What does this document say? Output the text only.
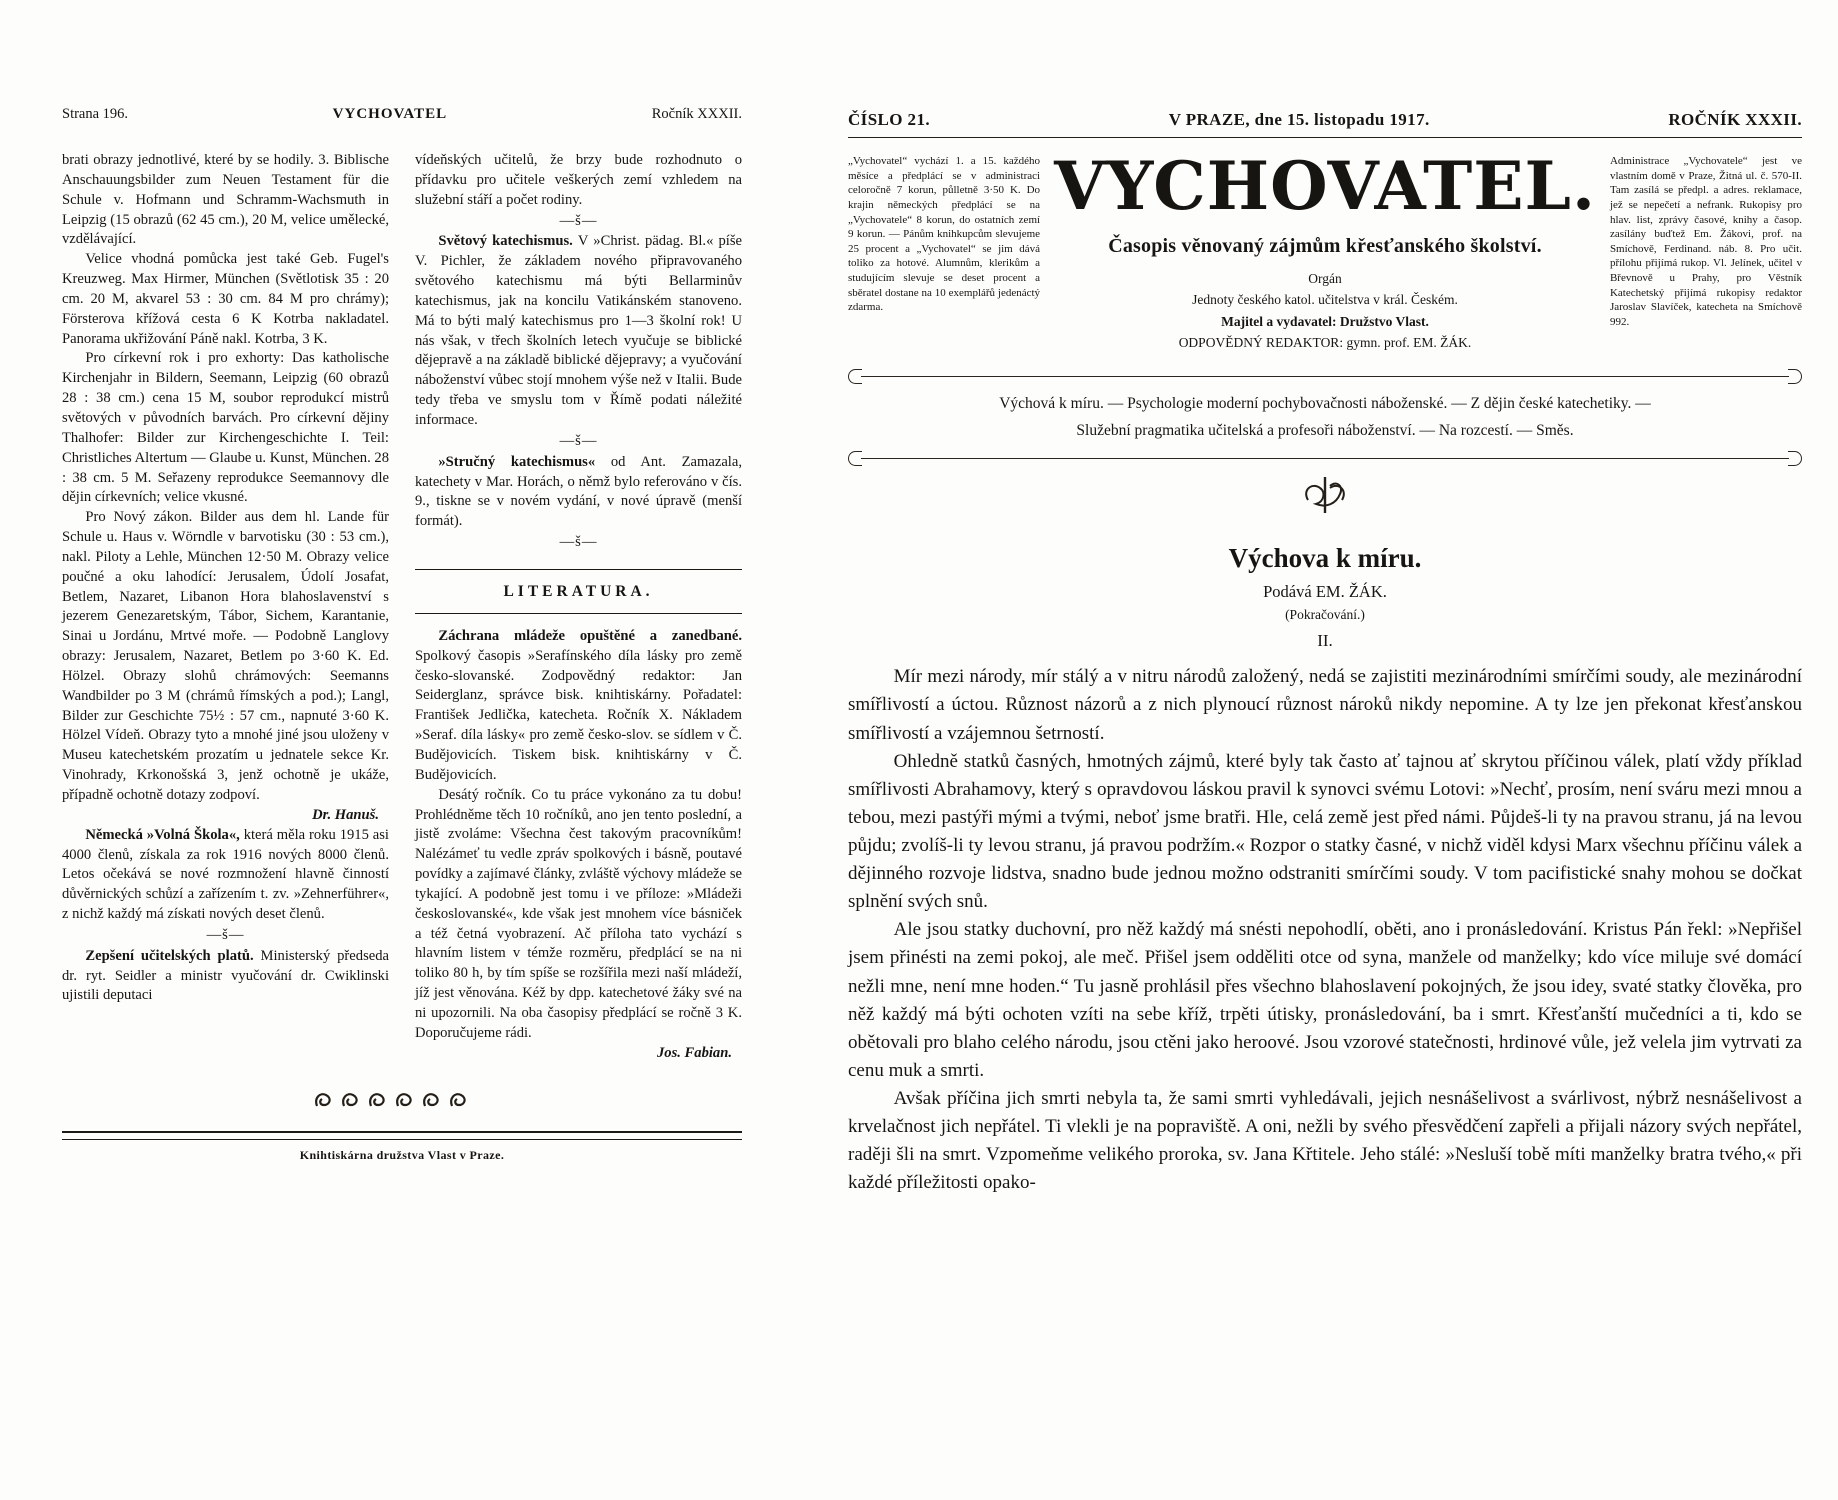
Strana 196.	VYCHOVATEL	Ročník XXXII.

brati obrazy jednotlivé, které by se hodily. 3. Biblische Anschauungsbilder zum Neuen Testament für die Schule v. Hofmann und Schramm-Wachsmuth in Leipzig (15 obrazů (62 45 cm.), 20 M, velice umělecké, vzdělávající.

Velice vhodná pomůcka jest také Geb. Fugel's Kreuzweg. Max Hirmer, München (Světlotisk 35 : 20 cm. 20 M, akvarel 53 : 30 cm. 84 M pro chrámy); Försterova křížová cesta 6 K Kotrba nakladatel. Panorama ukřižování Páně nakl. Kotrba, 3 K.

Pro církevní rok i pro exhorty: Das katholische Kirchenjahr in Bildern, Seemann, Leipzig (60 obrazů 28 : 38 cm.) cena 15 M, soubor reprodukcí mistrů světových v původních barvách. Pro církevní dějiny Thalhofer: Bilder zur Kirchengeschichte I. Teil: Christliches Altertum — Glaube u. Kunst, München. 28 : 38 cm. 5 M. Seřazeny reprodukce Seemannovy dle dějin církevních; velice vkusné.

Pro Nový zákon. Bilder aus dem hl. Lande für Schule u. Haus v. Wörndle v barvotisku (30 : 53 cm.), nakl. Piloty a Lehle, München 12·50 M. Obrazy velice poučné a oku lahodící: Jerusalem, Údolí Josafat, Betlem, Nazaret, Libanon Hora blahoslavenství s jezerem Genezaretským, Tábor, Sichem, Karantanie, Sinai u Jordánu, Mrtvé moře. — Podobně Langlovy obrazy: Jerusalem, Nazaret, Betlem po 3·60 K. Ed. Hölzel. Obrazy slohů chrámových: Seemanns Wandbilder po 3 M (chrámů římských a pod.); Langl, Bilder zur Geschichte 75½ : 57 cm., napnuté 3·60 K. Hölzel Vídeň. Obrazy tyto a mnohé jiné jsou uloženy v Museu katechetském prozatím u jednatele sekce Kr. Vinohrady, Krkonošská 3, jenž ochotně je ukáže, případně ochotně dotazy zodpoví.

Dr. Hanuš.

Německá »Volná Škola«, která měla roku 1915 asi 4000 členů, získala za rok 1916 nových 8000 členů. Letos očekává se nové rozmnožení hlavně činností důvěrnických schůzí a zařízením t. zv. »Zehnerführer«, z nichž každý má získati nových deset členů.

—š—

Zepšení učitelských platů. Ministerský předseda dr. ryt. Seidler a ministr vyučování dr. Cwiklinski ujistili deputaci

vídeňských učitelů, že brzy bude rozhodnuto o přídavku pro učitele veškerých zemí vzhledem na služební stáří a počet rodiny.

—š—

Světový katechismus. V »Christ. pädag. Bl.« píše V. Pichler, že základem nového připravovaného světového katechismu má býti Bellarminův katechismus, jak na koncilu Vatikánském stanoveno. Má to býti malý katechismus pro 1—3 školní rok! U nás však, v třech školních letech vyučuje se biblické dějepravě a na základě biblické dějepravy; a vyučování náboženství vůbec stojí mnohem výše než v Italii. Bude tedy třeba ve smyslu tom v Římě podati náležité informace.

—š—

»Stručný katechismus« od Ant. Zamazala, katechety v Mar. Horách, o němž bylo referováno v čís. 9., tiskne se v novém vydání, v nové úpravě (menší formát).

—š—

LITERATURA.

Záchrana mládeže opuštěné a zanedbané. Spolkový časopis »Serafínského díla lásky pro země česko-slovanské. Zodpovědný redaktor: Jan Seiderglanz, správce bisk. knihtiskárny. Pořadatel: František Jedlička, katecheta. Ročník X. Nákladem »Seraf. díla lásky« pro země česko-slov. se sídlem v Č. Budějovicích. Tiskem bisk. knihtiskárny v Č. Budějovicích.

Desátý ročník. Co tu práce vykonáno za tu dobu! Prohlédněme těch 10 ročníků, ano jen tento poslední, a jistě zvoláme: Všechna čest takovým pracovníkům! Nalézámeť tu vedle zpráv spolkových i básně, poutavé povídky a zajímavé články, zvláště výchovy mládeže se tykající. A podobně jest tomu i ve příloze: »Mládeži českoslovanské«, kde však jest mnohem více básniček a též četná vyobrazení. Ač příloha tato vychází s hlavním listem v témže rozměru, předplácí se na ni toliko 80 h, by tím spíše se rozšířila mezi naší mládeží, jíž jest věnována. Kéž by dpp. katechetové žáky své na ni upozornili. Na oba časopisy předplácí se ročně 3 K. Doporučujeme rádi.

Jos. Fabian.

Knihtiskárna družstva Vlast v Praze.
ČÍSLO 21.	V PRAZE, dne 15. listopadu 1917.	ROČNÍK XXXII.
„Vychovatel“ vychází 1. a 15. každého měsíce a předplácí se v administraci celoročně 7 korun, půlletně 3·50 K. Do krajin německých předplácí se na „Vychovatele“ 8 korun, do ostatních zemí 9 korun. — Pánům knihkupcům slevujeme 25 procent a „Vychovatel“ se jim dává toliko za hotové. Alumnům, klerikům a studujícím slevuje se deset procent a sběratel dostane na 10 exemplářů jedenáctý zdarma.
VYCHOVATEL.
Časopis věnovaný zájmům křesťanského školství.
Orgán
Jednoty českého katol. učitelstva v král. Českém.
Majitel a vydavatel: Družstvo Vlast.
ODPOVĚDNÝ REDAKTOR: gymn. prof. EM. ŽÁK.
Administrace „Vychovatele“ jest ve vlastním domě v Praze, Žitná ul. č. 570-II. Tam zasílá se předpl. a adres. reklamace, jež se nepečetí a nefrank. Rukopisy pro hlav. list, zprávy časové, knihy a časop. zasílány buďtež Em. Žákovi, prof. na Smíchově, Ferdinand. náb. 8. Pro učit. přílohu přijímá rukop. Vl. Jelínek, učitel v Břevnově u Prahy, pro Věstník Katechetský přijímá rukopisy redaktor Jaroslav Slavíček, katecheta na Smíchově 992.
Výchová k míru. — Psychologie moderní pochybovačnosti náboženské. — Z dějin české katechetiky. —
Služební pragmatika učitelská a profesoři náboženství. — Na rozcestí. — Směs.
Výchova k míru.
Podává EM. ŽÁK.
(Pokračování.)
II.

Mír mezi národy, mír stálý a v nitru národů založený, nedá se zajistiti mezinárodními smírčími soudy, ale mezinárodní smířlivostí a úctou. Různost názorů a z nich plynoucí různost nároků nikdy nepomine. A ty lze jen překonat křesťanskou smířlivostí a vzájemnou šetrností.

Ohledně statků časných, hmotných zájmů, které byly tak často ať tajnou ať skrytou příčinou válek, platí vždy příklad smířlivosti Abrahamovy, který s opravdovou láskou pravil k synovci svému Lotovi: »Nechť, prosím, není sváru mezi mnou a tebou, mezi pastýři mými a tvými, neboť jsme bratři. Hle, celá země jest před námi. Půjdeš-li ty na pravou stranu, já na levou půjdu; zvolíš-li ty levou stranu, já pravou podržím.« Rozpor o statky časné, v nichž viděl kdysi Marx všechnu příčinu válek a dějinného rozvoje lidstva, snadno bude jednou možno odstraniti smírčími soudy. V tom pacifistické snahy mohou se dočkat splnění svých snů.

Ale jsou statky duchovní, pro něž každý má snésti nepohodlí, oběti, ano i pronásledování. Kristus Pán řekl: »Nepřišel jsem přinésti na zemi pokoj, ale meč. Přišel jsem odděliti otce od syna, manžele od manželky; kdo více miluje své domácí nežli mne, není mne hoden.“ Tu jasně prohlásil přes všechno blahoslavení pokojných, že jsou idey, svaté statky člověka, pro něž každý má býti ochoten vzíti na sebe kříž, trpěti útisky, pronásledování, ba i smrt. Křesťanští mučedníci a ti, kdo se obětovali pro blaho celého národu, jsou ctěni jako heroové. Jsou vzorové statečnosti, hrdinové vůle, jež velela jim vytrvati za cenu muk a smrti.

Avšak příčina jich smrti nebyla ta, že sami smrti vyhledávali, jejich nesnášelivost a svárlivost, nýbrž nesnášelivost a krvelačnost jich nepřátel. Ti vlekli je na popraviště. A oni, nežli by svého přesvědčení zapřeli a přijali názory svých nepřátel, raději šli na smrt. Vzpomeňme velikého proroka, sv. Jana Křtitele. Jeho stálé: »Nesluší tobě míti manželky bratra tvého,« při každé příležitosti opako-
